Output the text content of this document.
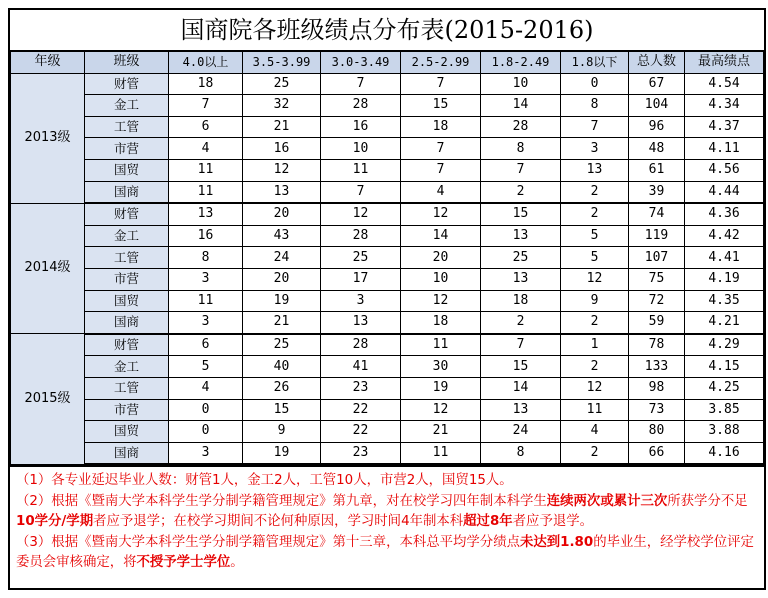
国商院各班级绩点分布表(2015-2016)
年级	班级	4.0以上	3.5-3.99	3.0-3.49	2.5-2.99	1.8-2.49	1.8以下	总人数	最高绩点
2013级	财管	18	25	7	7	10	0	67	4.54
	金工	7	32	28	15	14	8	104	4.34
	工管	6	21	16	18	28	7	96	4.37
	市营	4	16	10	7	8	3	48	4.11
	国贸	11	12	11	7	7	13	61	4.56
	国商	11	13	7	4	2	2	39	4.44
2014级	财管	13	20	12	12	15	2	74	4.36
	金工	16	43	28	14	13	5	119	4.42
	工管	8	24	25	20	25	5	107	4.41
	市营	3	20	17	10	13	12	75	4.19
	国贸	11	19	3	12	18	9	72	4.35
	国商	3	21	13	18	2	2	59	4.21
2015级	财管	6	25	28	11	7	1	78	4.29
	金工	5	40	41	30	15	2	133	4.15
	工管	4	26	23	19	14	12	98	4.25
	市营	0	15	22	12	13	11	73	3.85
	国贸	0	9	22	21	24	4	80	3.88
	国商	3	19	23	11	8	2	66	4.16

（1）各专业延迟毕业人数：财管1人，金工2人，工管10人，市营2人，国贸15人。

（2）根据《暨南大学本科学生学分制学籍管理规定》第九章，对在校学习四年制本科学生连续两次或累计三次所获学分不足10学分/学期者应予退学；在校学习期间不论何种原因，学习时间4年制本科超过8年者应予退学。

（3）根据《暨南大学本科学生学分制学籍管理规定》第十三章，本科总平均学分绩点未达到1.80的毕业生，经学校学位评定委员会审核确定，将不授予学士学位。
